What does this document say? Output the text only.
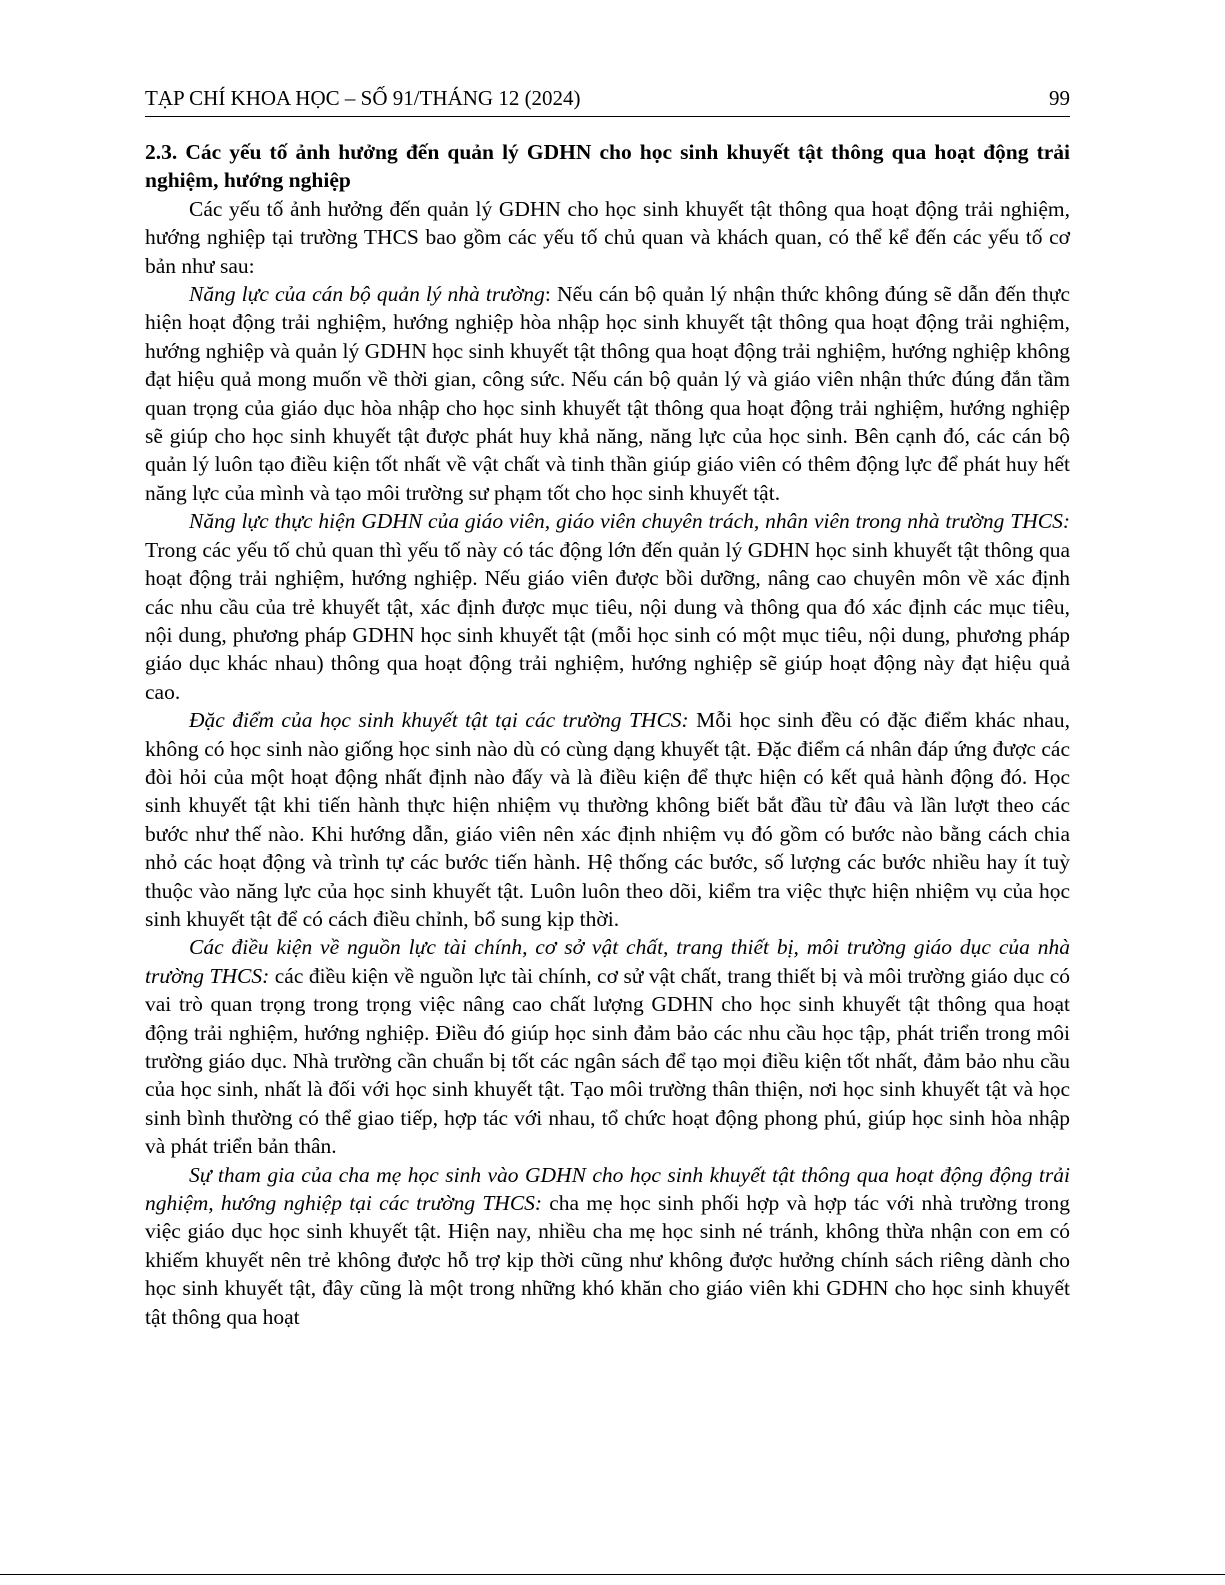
TẠP CHÍ KHOA HỌC – SỐ 91/THÁNG 12 (2024)	99

2.3. Các yếu tố ảnh hưởng đến quản lý GDHN cho học sinh khuyết tật thông qua hoạt động trải nghiệm, hướng nghiệp

Các yếu tố ảnh hưởng đến quản lý GDHN cho học sinh khuyết tật thông qua hoạt động trải nghiệm, hướng nghiệp tại trường THCS bao gồm các yếu tố chủ quan và khách quan, có thể kể đến các yếu tố cơ bản như sau:

Năng lực của cán bộ quản lý nhà trường: Nếu cán bộ quản lý nhận thức không đúng sẽ dẫn đến thực hiện hoạt động trải nghiệm, hướng nghiệp hòa nhập học sinh khuyết tật thông qua hoạt động trải nghiệm, hướng nghiệp và quản lý GDHN học sinh khuyết tật thông qua hoạt động trải nghiệm, hướng nghiệp không đạt hiệu quả mong muốn về thời gian, công sức. Nếu cán bộ quản lý và giáo viên nhận thức đúng đắn tầm quan trọng của giáo dục hòa nhập cho học sinh khuyết tật thông qua hoạt động trải nghiệm, hướng nghiệp sẽ giúp cho học sinh khuyết tật được phát huy khả năng, năng lực của học sinh. Bên cạnh đó, các cán bộ quản lý luôn tạo điều kiện tốt nhất về vật chất và tinh thần giúp giáo viên có thêm động lực để phát huy hết năng lực của mình và tạo môi trường sư phạm tốt cho học sinh khuyết tật.

Năng lực thực hiện GDHN của giáo viên, giáo viên chuyên trách, nhân viên trong nhà trường THCS: Trong các yếu tố chủ quan thì yếu tố này có tác động lớn đến quản lý GDHN học sinh khuyết tật thông qua hoạt động trải nghiệm, hướng nghiệp. Nếu giáo viên được bồi dưỡng, nâng cao chuyên môn về xác định các nhu cầu của trẻ khuyết tật, xác định được mục tiêu, nội dung và thông qua đó xác định các mục tiêu, nội dung, phương pháp GDHN học sinh khuyết tật (mỗi học sinh có một mục tiêu, nội dung, phương pháp giáo dục khác nhau) thông qua hoạt động trải nghiệm, hướng nghiệp sẽ giúp hoạt động này đạt hiệu quả cao.

Đặc điểm của học sinh khuyết tật tại các trường THCS: Mỗi học sinh đều có đặc điểm khác nhau, không có học sinh nào giống học sinh nào dù có cùng dạng khuyết tật. Đặc điểm cá nhân đáp ứng được các đòi hỏi của một hoạt động nhất định nào đấy và là điều kiện để thực hiện có kết quả hành động đó. Học sinh khuyết tật khi tiến hành thực hiện nhiệm vụ thường không biết bắt đầu từ đâu và lần lượt theo các bước như thế nào. Khi hướng dẫn, giáo viên nên xác định nhiệm vụ đó gồm có bước nào bằng cách chia nhỏ các hoạt động và trình tự các bước tiến hành. Hệ thống các bước, số lượng các bước nhiều hay ít tuỳ thuộc vào năng lực của học sinh khuyết tật. Luôn luôn theo dõi, kiểm tra việc thực hiện nhiệm vụ của học sinh khuyết tật để có cách điều chỉnh, bổ sung kịp thời.

Các điều kiện về nguồn lực tài chính, cơ sở vật chất, trang thiết bị, môi trường giáo dục của nhà trường THCS: các điều kiện về nguồn lực tài chính, cơ sử vật chất, trang thiết bị và môi trường giáo dục có vai trò quan trọng trong trọng việc nâng cao chất lượng GDHN cho học sinh khuyết tật thông qua hoạt động trải nghiệm, hướng nghiệp. Điều đó giúp học sinh đảm bảo các nhu cầu học tập, phát triển trong môi trường giáo dục. Nhà trường cần chuẩn bị tốt các ngân sách để tạo mọi điều kiện tốt nhất, đảm bảo nhu cầu của học sinh, nhất là đối với học sinh khuyết tật. Tạo môi trường thân thiện, nơi học sinh khuyết tật và học sinh bình thường có thể giao tiếp, hợp tác với nhau, tổ chức hoạt động phong phú, giúp học sinh hòa nhập và phát triển bản thân.

Sự tham gia của cha mẹ học sinh vào GDHN cho học sinh khuyết tật thông qua hoạt động động trải nghiệm, hướng nghiệp tại các trường THCS: cha mẹ học sinh phối hợp và hợp tác với nhà trường trong việc giáo dục học sinh khuyết tật. Hiện nay, nhiều cha mẹ học sinh né tránh, không thừa nhận con em có khiếm khuyết nên trẻ không được hỗ trợ kịp thời cũng như không được hưởng chính sách riêng dành cho học sinh khuyết tật, đây cũng là một trong những khó khăn cho giáo viên khi GDHN cho học sinh khuyết tật thông qua hoạt
